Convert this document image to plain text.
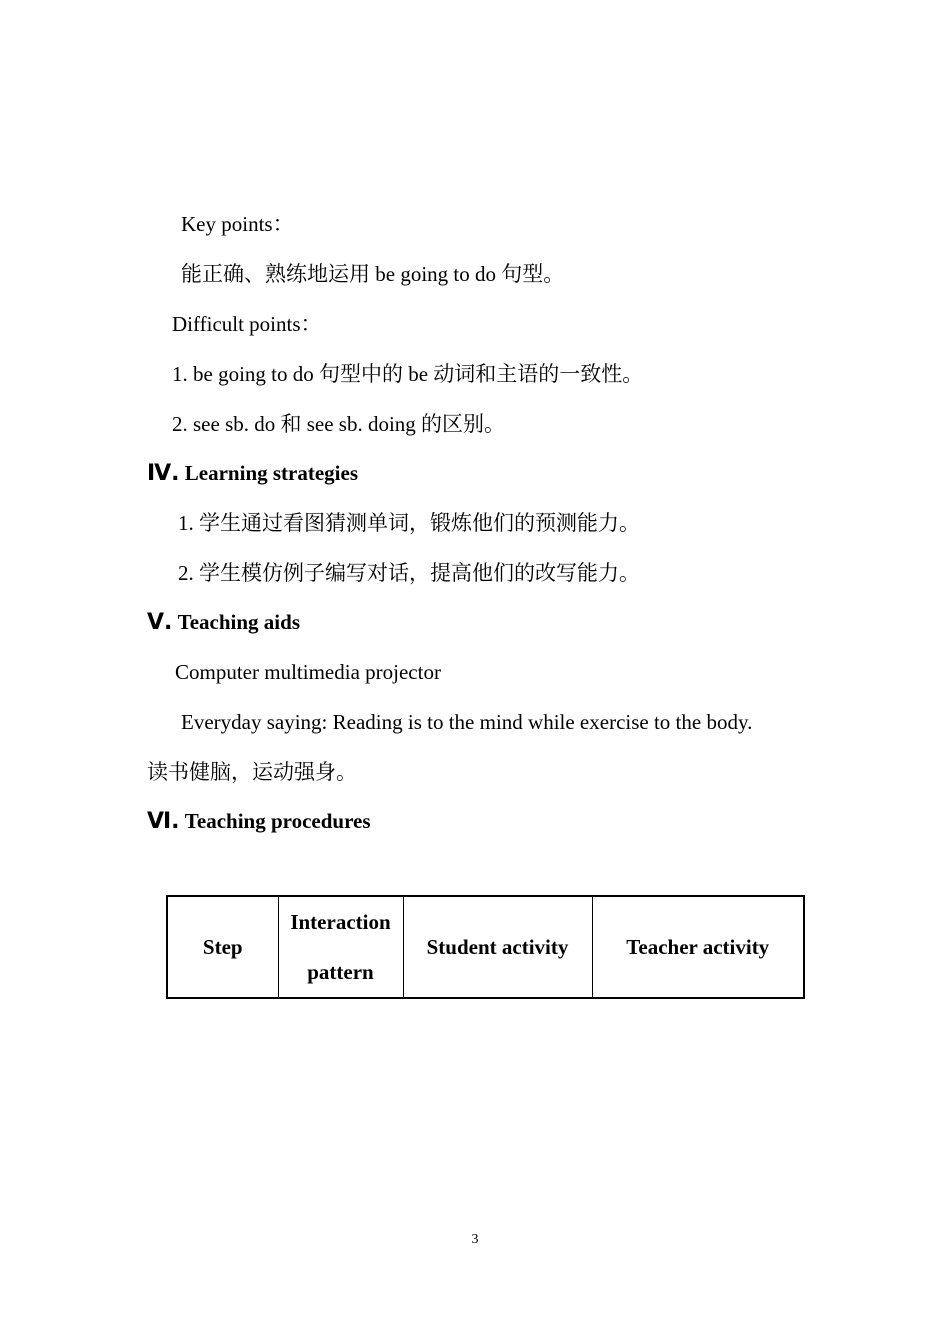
Key points：
能正确、熟练地运用 be going to do 句型。
Difficult points：
1. be going to do 句型中的 be 动词和主语的一致性。
2. see sb. do 和 see sb. doing 的区别。
Ⅳ. Learning strategies
1. 学生通过看图猜测单词，锻炼他们的预测能力。
2. 学生模仿例子编写对话，提高他们的改写能力。
Ⅴ. Teaching aids
Computer multimedia projector
Everyday saying: Reading is to the mind while exercise to the body.
读书健脑，运动强身。
Ⅵ. Teaching procedures
Step	Interaction pattern	Student activity	Teacher activity
3
